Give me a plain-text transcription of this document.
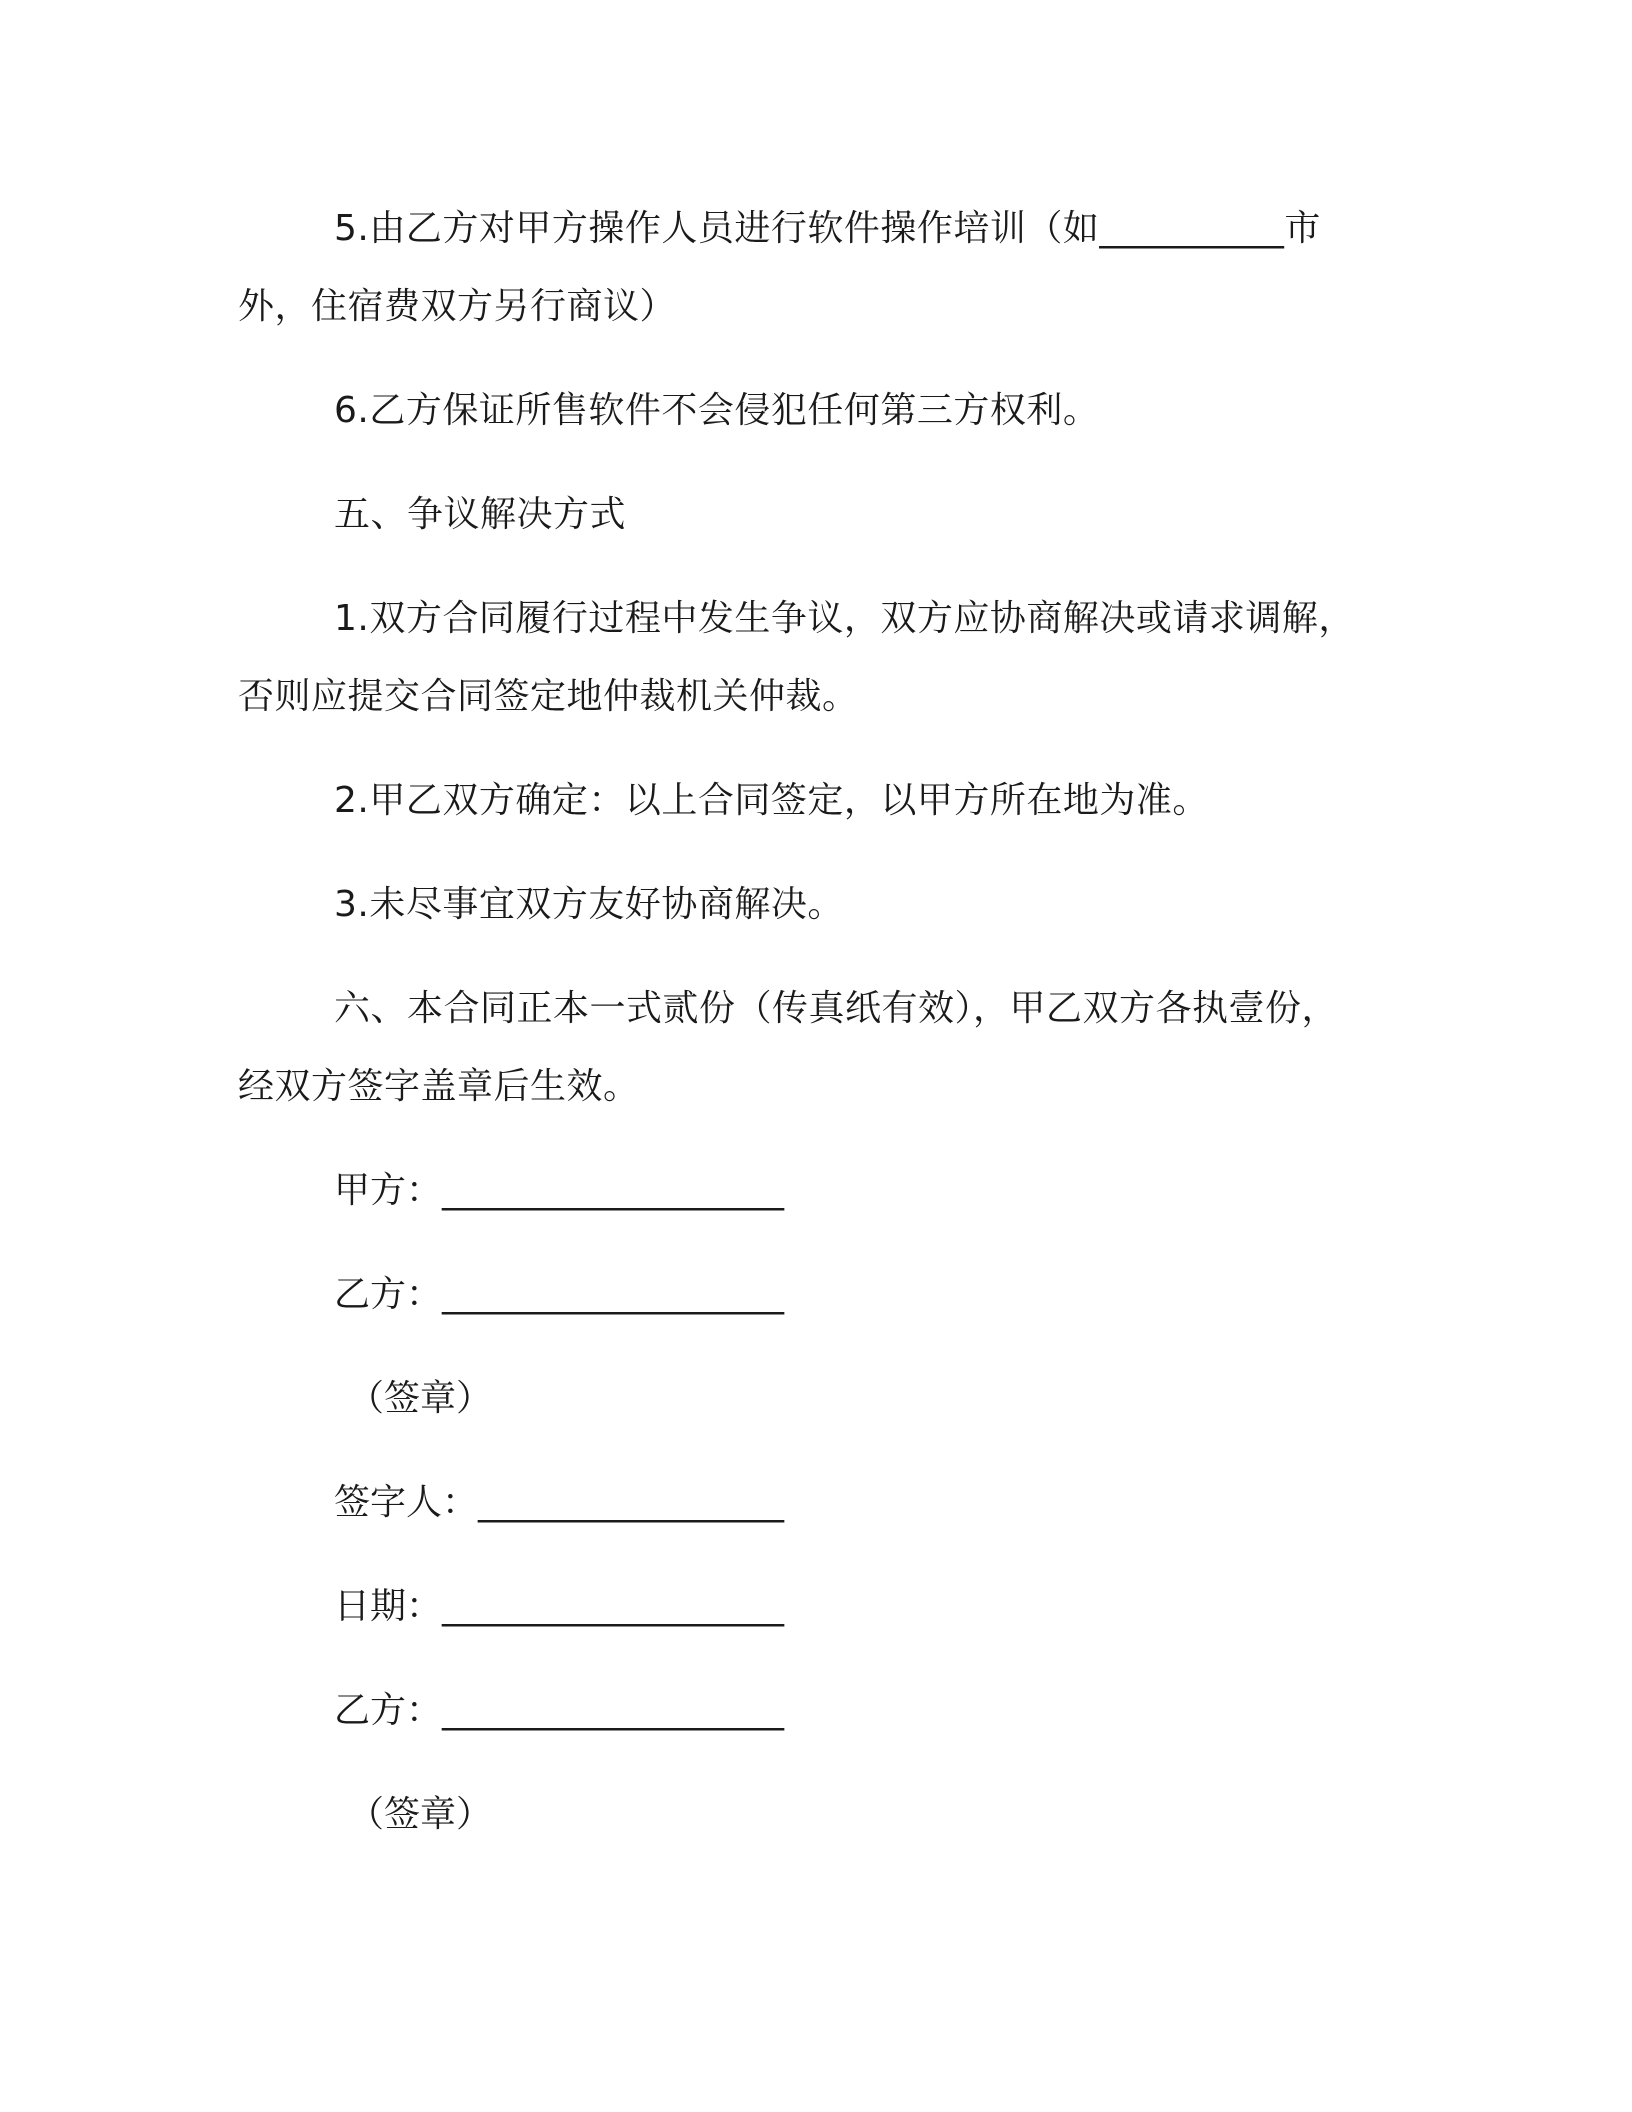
5.由乙方对甲方操作人员进行软件操作培训（如__________市外，住宿费双方另行商议）

6.乙方保证所售软件不会侵犯任何第三方权利。

五、争议解决方式

1.双方合同履行过程中发生争议，双方应协商解决或请求调解，否则应提交合同签定地仲裁机关仲裁。

2.甲乙双方确定：以上合同签定，以甲方所在地为准。

3.未尽事宜双方友好协商解决。

六、本合同正本一式贰份（传真纸有效），甲乙双方各执壹份，经双方签字盖章后生效。

甲方：___________________

乙方：___________________

（签章）

签字人：_________________

日期：___________________

乙方：___________________

（签章）
